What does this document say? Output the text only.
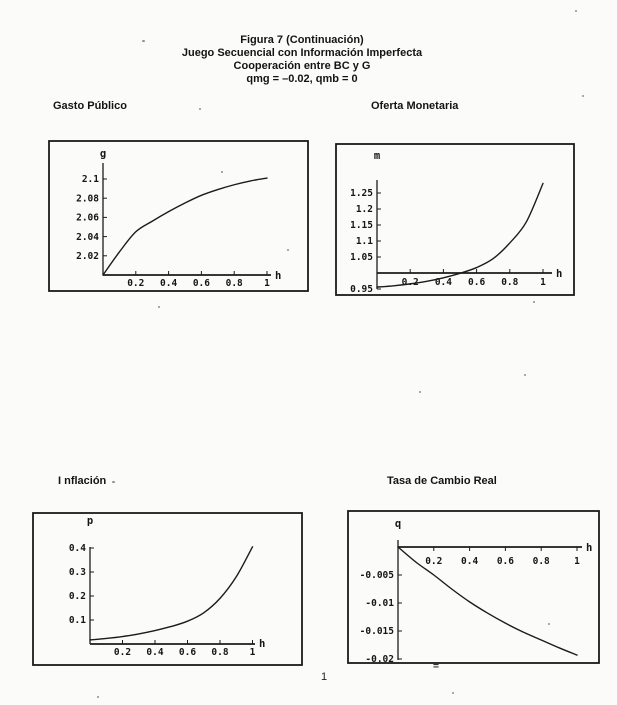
Figura 7 (Continuación)
Juego Secuencial con Información Imperfecta
Cooperación entre BC y G
qmg = –0.02, qmb = 0
Gasto Público	Oferta Monetaria
I nflación	Tasa de Cambio Real
0.2 0.4 0.6 0.8 1
2.02
2.04
2.06
2.08
2.1
g
h
0.2 0.4 0.6 0.8 1
1.25
1.2
1.15
1.1
1.05
0.95
m
h
0.2 0.4 0.6 0.8 1
0.1
0.2
0.3
0.4
p
h
0.2 0.4 0.6 0.8	1
-0.005
-0.01
-0.015
-0.02
q
h
1
=
